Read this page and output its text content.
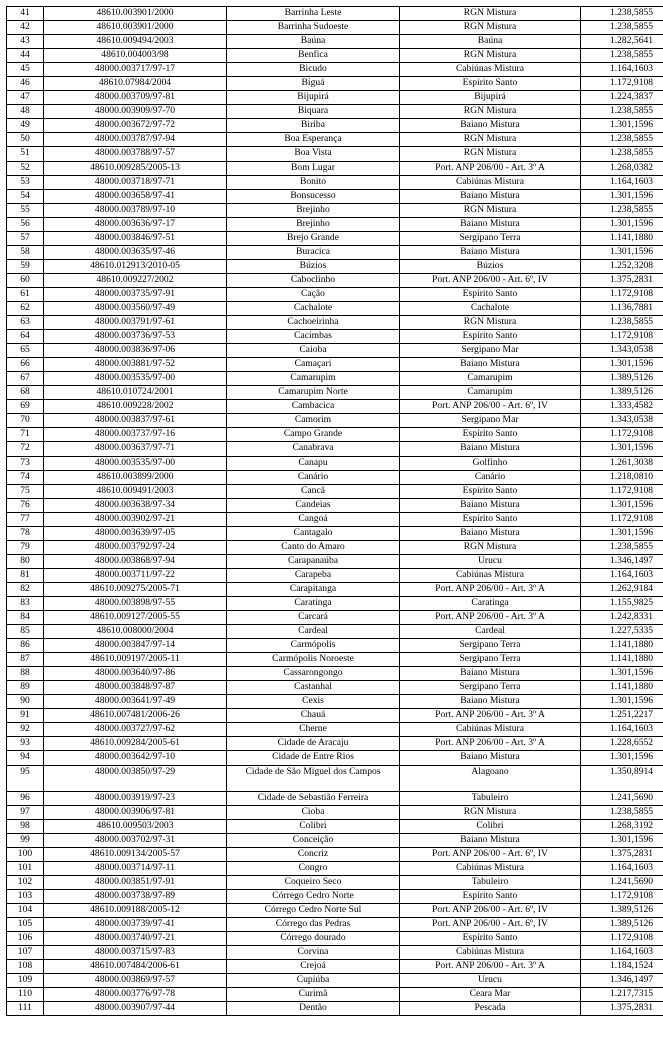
41	48610.003901/2000	Barrinha Leste	RGN Mistura	1.238,5855
42	48610.003901/2000	Barrinha Sudoeste	RGN Mistura	1.238,5855
43	48610.009494/2003	Baúna	Baúna	1.282,5641
44	48610.004003/98	Benfica	RGN Mistura	1.238,5855
45	48000.003717/97-17	Bicudo	Cabiúnas Mistura	1.164,1603
46	48610.07984/2004	Biguá	Espírito Santo	1.172,9108
47	48000.003709/97-81	Bijupirá	Bijupirá	1.224,3837
48	48000.003909/97-70	Biquara	RGN Mistura	1.238,5855
49	48000.003672/97-72	Biriba	Baiano Mistura	1.301,1596
50	48000.003787/97-94	Boa Esperança	RGN Mistura	1.238,5855
51	48000.003788/97-57	Boa Vista	RGN Mistura	1.238,5855
52	48610.009285/2005-13	Bom Lugar	Port. ANP 206/00 - Art. 3º A	1.268,0382
53	48000.003718/97-71	Bonito	Cabiúnas Mistura	1.164,1603
54	48000.003658/97-41	Bonsucesso	Baiano Mistura	1.301,1596
55	48000.003789/97-10	Brejinho	RGN Mistura	1.238,5855
56	48000.003636/97-17	Brejinho	Baiano Mistura	1.301,1596
57	48000.003846/97-51	Brejo Grande	Sergipano Terra	1.141,1880
58	48000.003635/97-46	Buracica	Baiano Mistura	1.301,1596
59	48610.012913/2010-05	Búzios	Búzios	1.252,3208
60	48610.009227/2002	Caboclinho	Port. ANP 206/00 - Art. 6º, IV	1.375,2831
61	48000.003735/97-91	Cação	Espírito Santo	1.172,9108
62	48000.003560/97-49	Cachalote	Cachalote	1.136,7881
63	48000.003791/97-61	Cachoeirinha	RGN Mistura	1.238,5855
64	48000.003736/97-53	Cacimbas	Espírito Santo	1.172,9108
65	48000.003836/97-06	Caioba	Sergipano Mar	1.343,0538
66	48000.003881/97-52	Camaçari	Baiano Mistura	1.301,1596
67	48000.003535/97-00	Camarupim	Camarupim	1.389,5126
68	48610.010724/2001	Camarupim Norte	Camarupim	1.389,5126
69	48610.009228/2002	Cambacica	Port. ANP 206/00 - Art. 6º, IV	1.333,4582
70	48000.003837/97-61	Camorim	Sergipano Mar	1.343,0538
71	48000.003737/97-16	Campo Grande	Espírito Santo	1.172,9108
72	48000.003637/97-71	Canabrava	Baiano Mistura	1.301,1596
73	48000.003535/97-00	Canapu	Golfinho	1.261,3038
74	48610.003899/2000	Canário	Canário	1.218,0810
75	48610.009491/2003	Cancã	Espírito Santo	1.172,9108
76	48000.003638/97-34	Candeias	Baiano Mistura	1.301,1596
77	48000.003902/97-21	Cangoá	Espírito Santo	1.172,9108
78	48000.003639/97-05	Cantagalo	Baiano Mistura	1.301,1596
79	48000.003792/97-24	Canto do Amaro	RGN Mistura	1.238,5855
80	48000.003868/97-94	Carapanaúba	Urucu	1.346,1497
81	48000.003711/97-22	Carapeba	Cabiúnas Mistura	1.164,1603
82	48610.009275/2005-71	Carapitanga	Port. ANP 206/00 - Art. 3º A	1.262,9184
83	48000.003898/97-55	Caratinga	Caratinga	1.155,9825
84	48610.009127/2005-55	Carcará	Port. ANP 206/00 - Art. 3º A	1.242,8331
85	48610.008000/2004	Cardeal	Cardeal	1.227,5335
86	48000.003847/97-14	Carmópolis	Sergipano Terra	1.141,1880
87	48610.009197/2005-11	Carmópolis Noroeste	Sergipano Terra	1.141,1880
88	48000.003640/97-86	Cassarongongo	Baiano Mistura	1.301,1596
89	48000.003848/97-87	Castanhal	Sergipano Terra	1.141,1880
90	48000.003641/97-49	Cexis	Baiano Mistura	1.301,1596
91	48610.007481/2006-26	Chauá	Port. ANP 206/00 - Art. 3º A	1.251,2217
92	48000.003727/97-62	Cherne	Cabiúnas Mistura	1.164,1603
93	48610.009284/2005-61	Cidade de Aracaju	Port. ANP 206/00 - Art. 3º A	1.228,6552
94	48000.003642/97-10	Cidade de Entre Rios	Baiano Mistura	1.301,1596
95	48000.003850/97-29	Cidade de São Miguel dos Campos	Alagoano	1.350,8914
96	48000.003919/97-23	Cidade de Sebastião Ferreira	Tabuleiro	1.241,5690
97	48000.003906/97-81	Cioba	RGN Mistura	1.238,5855
98	48610.009503/2003	Colibri	Colibri	1.268,3192
99	48000.003702/97-31	Conceição	Baiano Mistura	1.301,1596
100	48610.009134/2005-57	Concriz	Port. ANP 206/00 - Art. 6º, IV	1.375,2831
101	48000.003714/97-11	Congro	Cabiúnas Mistura	1.164,1603
102	48000.003851/97-91	Coqueiro Seco	Tabuleiro	1.241,5690
103	48000.003738/97-89	Córrego Cedro Norte	Espírito Santo	1.172,9108
104	48610.009188/2005-12	Córrego Cedro Norte Sul	Port. ANP 206/00 - Art. 6º, IV	1.389,5126
105	48000.003739/97-41	Córrego das Pedras	Port. ANP 206/00 - Art. 6º, IV	1.389,5126
106	48000.003740/97-21	Córrego dourado	Espírito Santo	1.172,9108
107	48000.003715/97-83	Corvina	Cabiúnas Mistura	1.164,1603
108	48610.007484/2006-61	Crejoá	Port. ANP 206/00 - Art. 3º A	1.184,1524
109	48000.003869/97-57	Cupiúba	Urucu	1.346,1497
110	48000.003776/97-78	Curimã	Ceara Mar	1.217,7315
111	48000.003907/97-44	Dentão	Pescada	1.375,2831
